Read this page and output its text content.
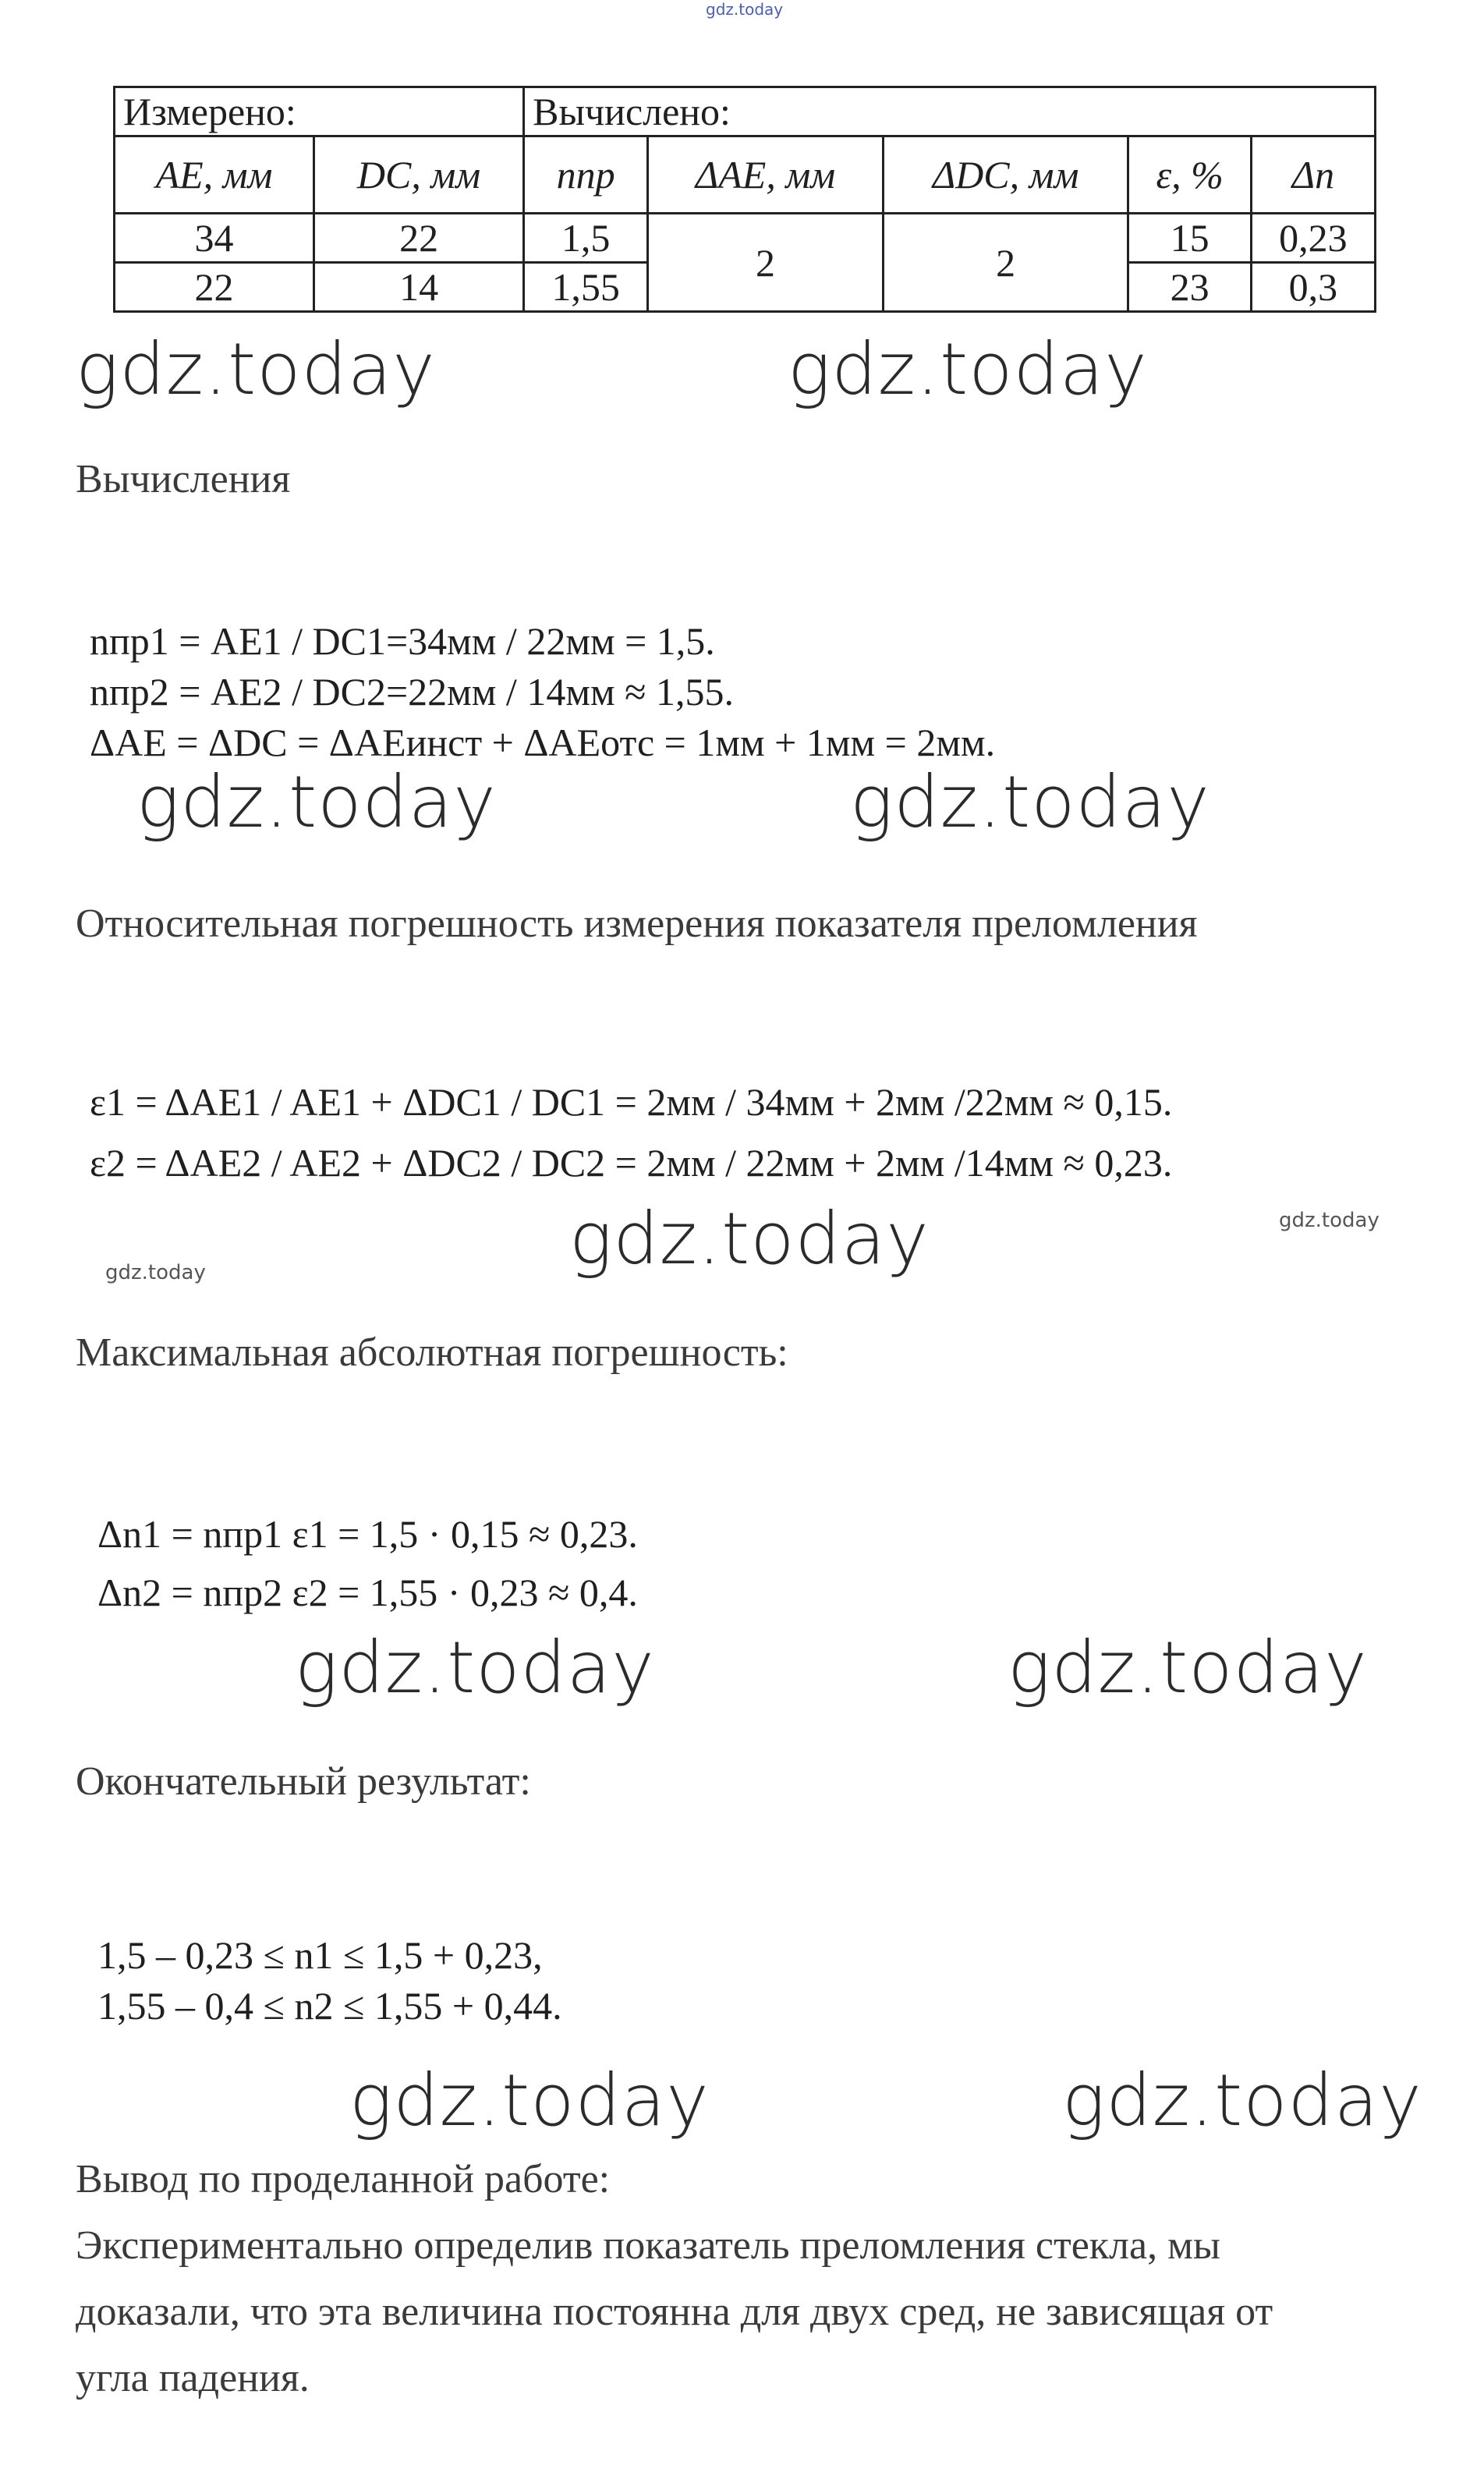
gdz.today
Измерено:		Вычислено:				
AE, мм	DC, мм	nпр	ΔAE, мм	ΔDC, мм	ε, %	Δn
34	22	1,5	2	2	15	0,23
22	14	1,55			23	0,3
gdz.today	gdz.today
Вычисления
nпр1 = AE1 / DC1=34мм / 22мм = 1,5.
nпр2 = AE2 / DC2=22мм / 14мм ≈ 1,55.
ΔAE = ΔDC = ΔAEинст + ΔAEотс = 1мм + 1мм = 2мм.
gdz.today	gdz.today
Относительная погрешность измерения показателя преломления
ε1 = ΔAE1 / AE1 + ΔDC1 / DC1 = 2мм / 34мм + 2мм /22мм ≈ 0,15.
ε2 = ΔAE2 / AE2 + ΔDC2 / DC2 = 2мм / 22мм + 2мм /14мм ≈ 0,23.
gdz.today
gdz.today
gdz.today
Максимальная абсолютная погрешность:
Δn1 = nпр1 ε1 = 1,5 · 0,15 ≈ 0,23.
Δn2 = nпр2 ε2 = 1,55 · 0,23 ≈ 0,4.
gdz.today	gdz.today
Окончательный результат:
1,5 – 0,23 ≤ n1 ≤ 1,5 + 0,23,
1,55 – 0,4 ≤ n2 ≤ 1,55 + 0,44.
gdz.today	gdz.today
Вывод по проделанной работе:
Экспериментально определив показатель преломления стекла, мы
доказали, что эта величина постоянна для двух сред, не зависящая от
угла падения.
